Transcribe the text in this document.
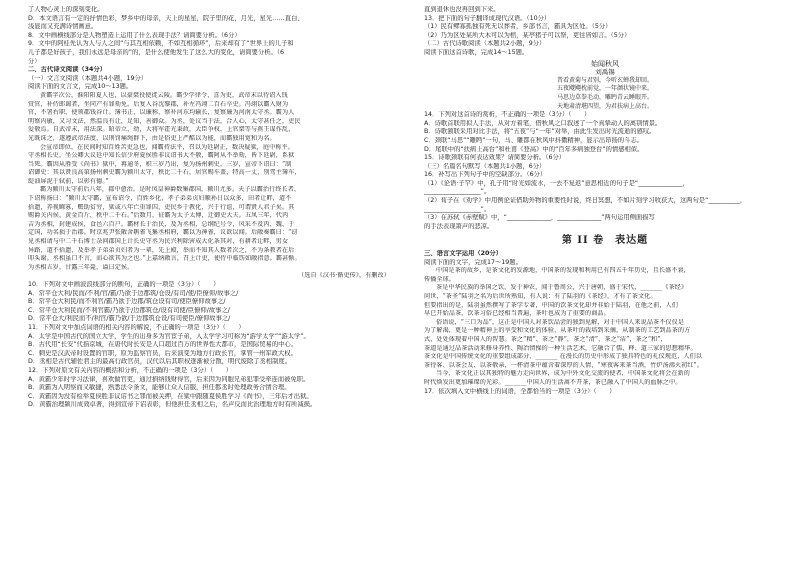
了人物心灵上的深刻变化。
D．本文语言有一定的抒情色彩，梦乡中的母亲，天上的星星，院子里的花，月光，星光……直白、
浅显而又充满诗情画意。
8．文中画横线部分是人物塑造上运用了什么表现手法？请简要分析。（6分）
9．文中的阿桂先认为人与人之间“与其互相依赖，不如互相循环”，后来却有了“世界上的儿子和
儿子都是好孩子，我们永远是母亲的”的，是什么使他发生了这么大的变化，请简要分析。（6
分）
二、古代诗文阅读（34分）
（一）文言文阅读（本题共4小题，19分）
阅读下面的文言文，完成10～13题。
黄霸字次公，淮阳阳夏人也，以豪桀役使徙云陵。霸少学律令，喜为吏，武帝末以待诏入钱
赏官，补侍郎谒者，坐同产有罪劾免。后复入谷沈黎郡，补左冯翊二百石卒史。冯翊以霸入财为
官，不署右职，使领郡钱谷计。簿书正，以廉称，察补河东均输长，复察廉为河南太守丞。霸为人
明察内敏，又习文法，然温良有让，足知，善御众。为丞，处议当于法，合人心，太守甚任之，吏民
爱敬焉。自武帝末，用法深。昭帝立，幼，大将军霍光秉政，大臣争权，上官桀等与燕王谋作乱，
光既诛之，遂遵武帝法度，以刑罚痛绳群下，由是俗吏上严酷以为能，而霸独用宽和为名。
会宣帝即位，在民间时知百姓苦吏急也，闻霸持法平，召以为廷尉正，数决疑狱，庭中称平。
守丞相长史，坐公卿大议廷中知长信少府夏侯胜非议诏书大不敬，霸阿从不举劾，皆下廷尉，系狱
当死。霸因从胜受《尚书》狱中，再逾冬，积三岁乃出，复为扬州刺史。三岁，宣帝下诏曰：“制
诏御史：其以贤良高第扬州刺史霸为颍川太守，秩比二千石，居官赐车盖，特高一丈，别驾主簿车，
缇油屏泥于轼前，以彰有德。”
霸为颍川太守前后八年，郡中愈治。是时凤皇神爵数集郡国，颍川尤多。天子以霸治行终长者，
下诏称扬曰：“颍川太守霸，宣布诏令，百姓乡化，孝子弟弟贞妇顺孙日以众多，田者让畔，道不
拾遗，养视鳏寡，赡助贫穷，狱或八年亡重罪囚，吏民乡于教化，兴于行谊，可谓贤人君子矣。其
赐爵关内侯，黄金百斤，秩中二千石。”后数月，征霸为太子太傅，迁御史大夫。五凤三年，代丙
吉为丞相，封建成侯，食邑六百户。霸材长于治民，及为丞相，总纲纪号令，风采不及丙、魏、于
定国，功名损于治郡。时京兆尹张敞舍鹖雀飞集丞相府，霸以为神雀，议欲以闻。后敞奏霸曰：“窃
见丞相请与中二千石博士杂问郡国上计长史守丞为民兴利除害成大化条其对，有耕者让畔，男女
异路，道不拾遗，及举孝子弟弟贞妇者为一辈，先上殿，举而不知其人数者次之，不为条教者在后
叩头谢。丞相虽口不言，而心欲其为之也。”上嘉纳敞言，召上计吏，使侍中临饬如敞指意。霸甚惭。
为丞相五岁，甘露三年薨，谥曰定侯。
（选自《汉书·循吏传》，有删改）
10．下列对文中画波浪线部分的断句，正确的一项是（3分）（　　）
A．常平仓大利/民而/不利/官/霸/乃欲于边郡筑/仓设/有司/使/臣僚仰/故事之/
B．常平仓大利民/而不利官/霸乃欲于边郡/筑仓设有司/使臣僚仰故事之/
C．常平仓大利民而/不利官霸/乃欲于/边郡筑仓/设有司使/臣僚仰/故事之/
D．常平仓大/利民而不/利官/霸乃欲/于边郡筑仓设/有司使臣/僚仰故事之/
11．下列对文中加点词语的相关内容的解说，不正确的一项是（3分）（　　）
A．太学是中国古代的国立大学，学生的出身多为官宦子弟，入太学学习可称为“游学太学”“游太学”。
B．古代用“长安”代指京城，在唐代时长安是人口超过百万的世界性大都市，是国际贸易的中心。
C．刺史是汉武帝时设置的官职，原为监察官员，后来演变为地方行政长官，掌管一州军政大权。
D．丞相是古代辅佐君主的最高行政官员，汉代以后其职权逐渐被分散，明代废除了丞相制度。
12．下列对原文有关内容的概括和分析，不正确的一项是（3分）（　　）
A．黄霸少年时学习法律，喜欢做官吏，通过捐纳钱财得官，后来因为同胞兄弟犯罪受牵连而被免职。
B．黄霸为人明察而又敏捷，熟悉法令条文，能够让众人信服，担任郡丞时处理政务合情合理。
C．黄霸因为没有检举夏侯胜非议诏书之罪而被关押，在狱中跟随夏侯胜学习《尚书》，三年后才出狱。
D．黄霸治理颍川成效卓著，得到宣帝下诏表彰，但他担任丞相之后，名声反而比治理地方时有所减损。
直到退休也没再回到下来。
13．把下面的句子翻译成现代汉语。（10分）
（1）民有鳏寡孤独有死无以葬者，乡部书言，霸具为区处。（5分）
（2）乃为区处某所大木可以为棺，某亭猪子可以祭，吏往皆如言。（5分）
（二）古代诗歌阅读（本题共2小题，9分）
阅读下面这首诗歌，完成14～15题。
始闻秋风
刘禹锡
昔看黄菊与君别，今听玄蝉我却回。
五夜飕飗枕前觉，一年颜状镜中来。
马思边草拳毛动，雕眄青云睡眼开。
天地肃清堪四望，为君扶病上高台。
14．下列对这首诗的赏析，不正确的一项是（3分）（　　）
A．诗歌首联用拟人手法，从对方着笔，借秋风之口叙述了一个真挚动人的离别情景。
B．诗歌颔联采用对比手法，将“五夜”与“一年”对举，由此生发出时光流逝的感叹。
C．颈联“马思”“雕眄”一句，马、雕都在秋风中抖擞精神，显示出昂扬的斗志。
D．尾联中的“扶病上高台”和杜甫《登高》中的“百年多病独登台”的情感相似。
15．诗歌颈联有何表达效果？请简要分析。（6分）
（三）名篇名句默写（本题共1小题，6分）
16．补写出下列句子中的空缺部分。（6分）
（1）《论语·子罕》中，孔子用“时光如流水，一去不复返”意思相近的句子是“______________，
__________________”。
（2）荀子在《劝学》中用例论证借助外物的重要性时说，终日冥想，不如片刻学习收获大，这两句是“__________，
__________________”。
（3）在苏轼《赤壁赋》中，“______________，______________”两句运用侧面描写
的手法表现箫声的悲凉。
第 II 卷　表达题
三、语言文字运用（20分）
阅读下面的文字，完成17～19题。
中国是茶的故乡，是茶文化的发源地，中国茶的发现和利用已有四五千年历史，且长盛不衰，
传播全球。
茶是中华民族的举国之饮，发于神农，闻于鲁周公，兴于唐朝，盛于宋代，_______《茶经》
问世，“茶圣”陆羽之名为后世所熟知，有人说：有了陆羽的《茶经》，才有了茶文化。
但要指出的是，陆羽虽然撰写了茶学专著，中国的饮茶文化却并非始于陆羽，在他之前，人们
早已开始品茶，饮茶习俗已经相当普遍，茶叶也成为了重要的商品。
俗语说，“三口为品”，这正是中国人对茶饮品尝的独到见解，对于中国人来说品茶不仅仅是
为了解渴，更是一种精神上的享受和文化的体验，从茶叶的栽培到采摘，从制茶的工艺到品茶的方
式，处处体现着中国人的智慧。茶之“精”、茶之“静”，茶之“清”，茶之“洁”，茶之“和”，
茶道是通过品茶活动来修身养性、陶冶情操的一种生活艺术，它融合了儒、释、道三家的思想精华。
茶文化是中国传统文化的重要组成部分，_______ 在漫长的历史中形成了独具特色的礼仪规范，人们以
茶待客、以茶会友、以茶敬亲，一杯清茶中蕴含着深厚的人情，“寒夜客来茶当酒，竹炉汤沸火初红”。
当今，茶文化正以其独特的魅力走向世界，成为中外文化交流的使者，中国茶文化将会在新的
时代焕发出更加璀璨的光彩。_______中国人的生活离不开茶，茶已融入了中国人的血脉之中。
17．依次填入文中横线上的词语，全都恰当的一项是（3分）（　　）
